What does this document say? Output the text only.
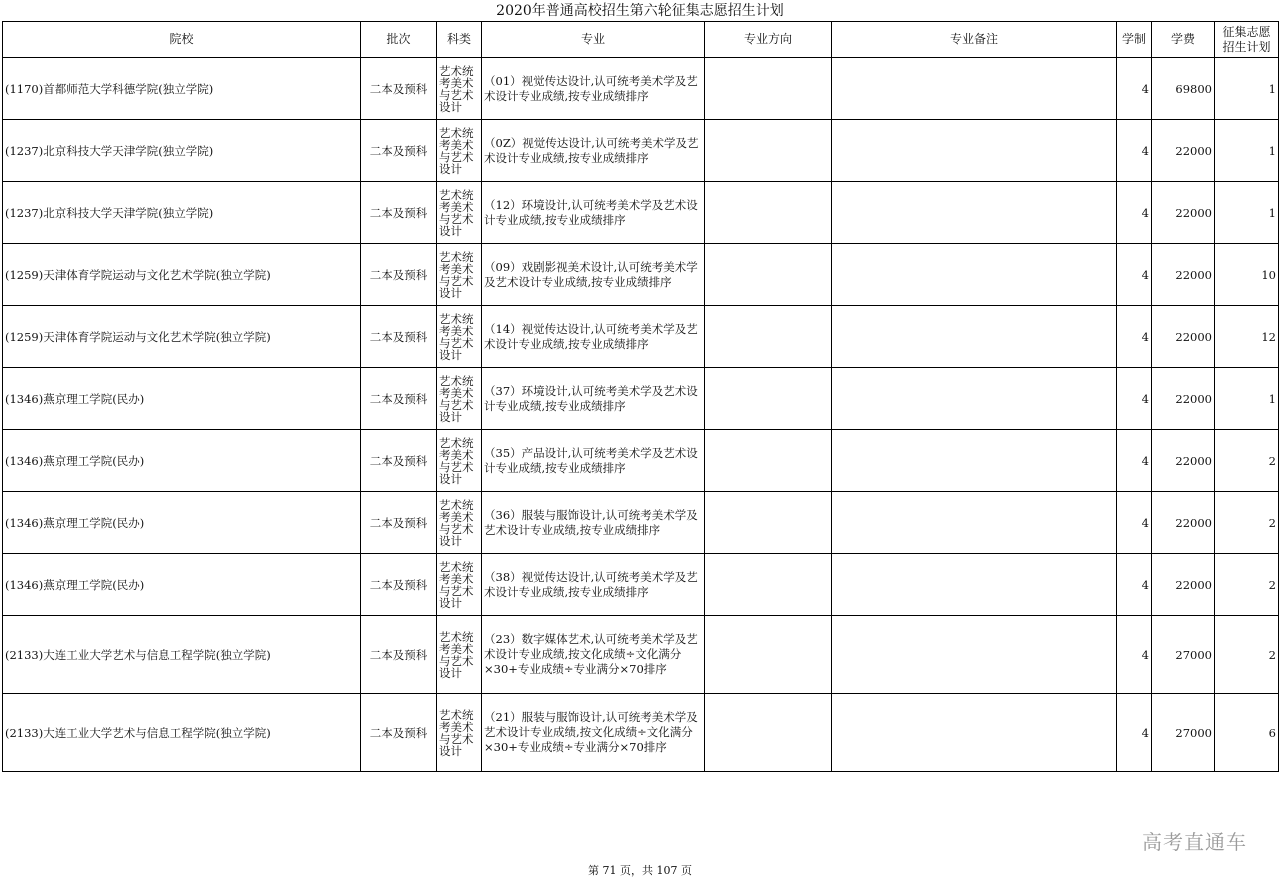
2020年普通高校招生第六轮征集志愿招生计划
院校	批次	科类	专业	专业方向	专业备注	学制	学费	征集志愿
招生计划
(1170)首都师范大学科德学院(独立学院)	二本及预科	艺术统考美术与艺术设计	（01）视觉传达设计,认可统考美术学及艺术设计专业成绩,按专业成绩排序			4	69800	1
(1237)北京科技大学天津学院(独立学院)	二本及预科	艺术统考美术与艺术设计	（0Z）视觉传达设计,认可统考美术学及艺术设计专业成绩,按专业成绩排序			4	22000	1
(1237)北京科技大学天津学院(独立学院)	二本及预科	艺术统考美术与艺术设计	（12）环境设计,认可统考美术学及艺术设计专业成绩,按专业成绩排序			4	22000	1
(1259)天津体育学院运动与文化艺术学院(独立学院)	二本及预科	艺术统考美术与艺术设计	（09）戏剧影视美术设计,认可统考美术学及艺术设计专业成绩,按专业成绩排序			4	22000	10
(1259)天津体育学院运动与文化艺术学院(独立学院)	二本及预科	艺术统考美术与艺术设计	（14）视觉传达设计,认可统考美术学及艺术设计专业成绩,按专业成绩排序			4	22000	12
(1346)燕京理工学院(民办)	二本及预科	艺术统考美术与艺术设计	（37）环境设计,认可统考美术学及艺术设计专业成绩,按专业成绩排序			4	22000	1
(1346)燕京理工学院(民办)	二本及预科	艺术统考美术与艺术设计	（35）产品设计,认可统考美术学及艺术设计专业成绩,按专业成绩排序			4	22000	2
(1346)燕京理工学院(民办)	二本及预科	艺术统考美术与艺术设计	（36）服装与服饰设计,认可统考美术学及艺术设计专业成绩,按专业成绩排序			4	22000	2
(1346)燕京理工学院(民办)	二本及预科	艺术统考美术与艺术设计	（38）视觉传达设计,认可统考美术学及艺术设计专业成绩,按专业成绩排序			4	22000	2
(2133)大连工业大学艺术与信息工程学院(独立学院)	二本及预科	艺术统考美术与艺术设计	（23）数字媒体艺术,认可统考美术学及艺术设计专业成绩,按文化成绩÷文化满分×30+专业成绩÷专业满分×70排序			4	27000	2
(2133)大连工业大学艺术与信息工程学院(独立学院)	二本及预科	艺术统考美术与艺术设计	（21）服装与服饰设计,认可统考美术学及艺术设计专业成绩,按文化成绩÷文化满分×30+专业成绩÷专业满分×70排序			4	27000	6
高考直通车
第 71 页，共 107 页
